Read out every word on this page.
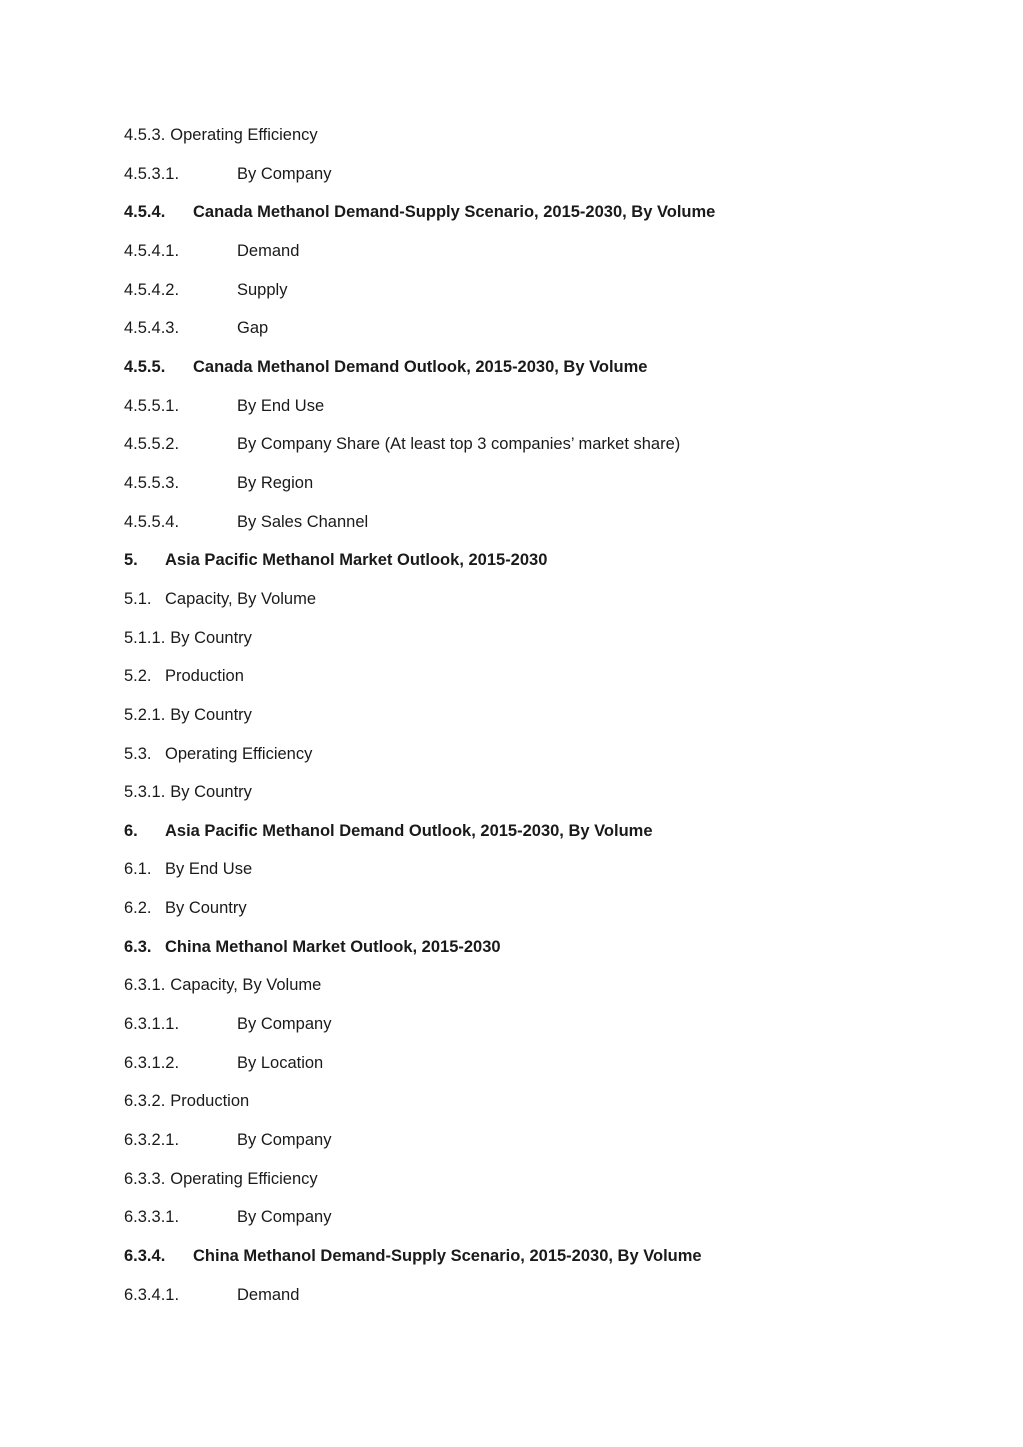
4.5.3. Operating Efficiency
4.5.3.1.	By Company
4.5.4.	Canada Methanol Demand-Supply Scenario, 2015-2030, By Volume
4.5.4.1.	Demand
4.5.4.2.	Supply
4.5.4.3.	Gap
4.5.5.	Canada Methanol Demand Outlook, 2015-2030, By Volume
4.5.5.1.	By End Use
4.5.5.2.	By Company Share (At least top 3 companies’ market share)
4.5.5.3.	By Region
4.5.5.4.	By Sales Channel
5.	Asia Pacific Methanol Market Outlook, 2015-2030
5.1. Capacity, By Volume
5.1.1. By Country
5.2. Production
5.2.1. By Country
5.3. Operating Efficiency
5.3.1. By Country
6.	Asia Pacific Methanol Demand Outlook, 2015-2030, By Volume
6.1. By End Use
6.2. By Country
6.3. China Methanol Market Outlook, 2015-2030
6.3.1. Capacity, By Volume
6.3.1.1.	By Company
6.3.1.2.	By Location
6.3.2. Production
6.3.2.1.	By Company
6.3.3. Operating Efficiency
6.3.3.1.	By Company
6.3.4.	China Methanol Demand-Supply Scenario, 2015-2030, By Volume
6.3.4.1.	Demand
